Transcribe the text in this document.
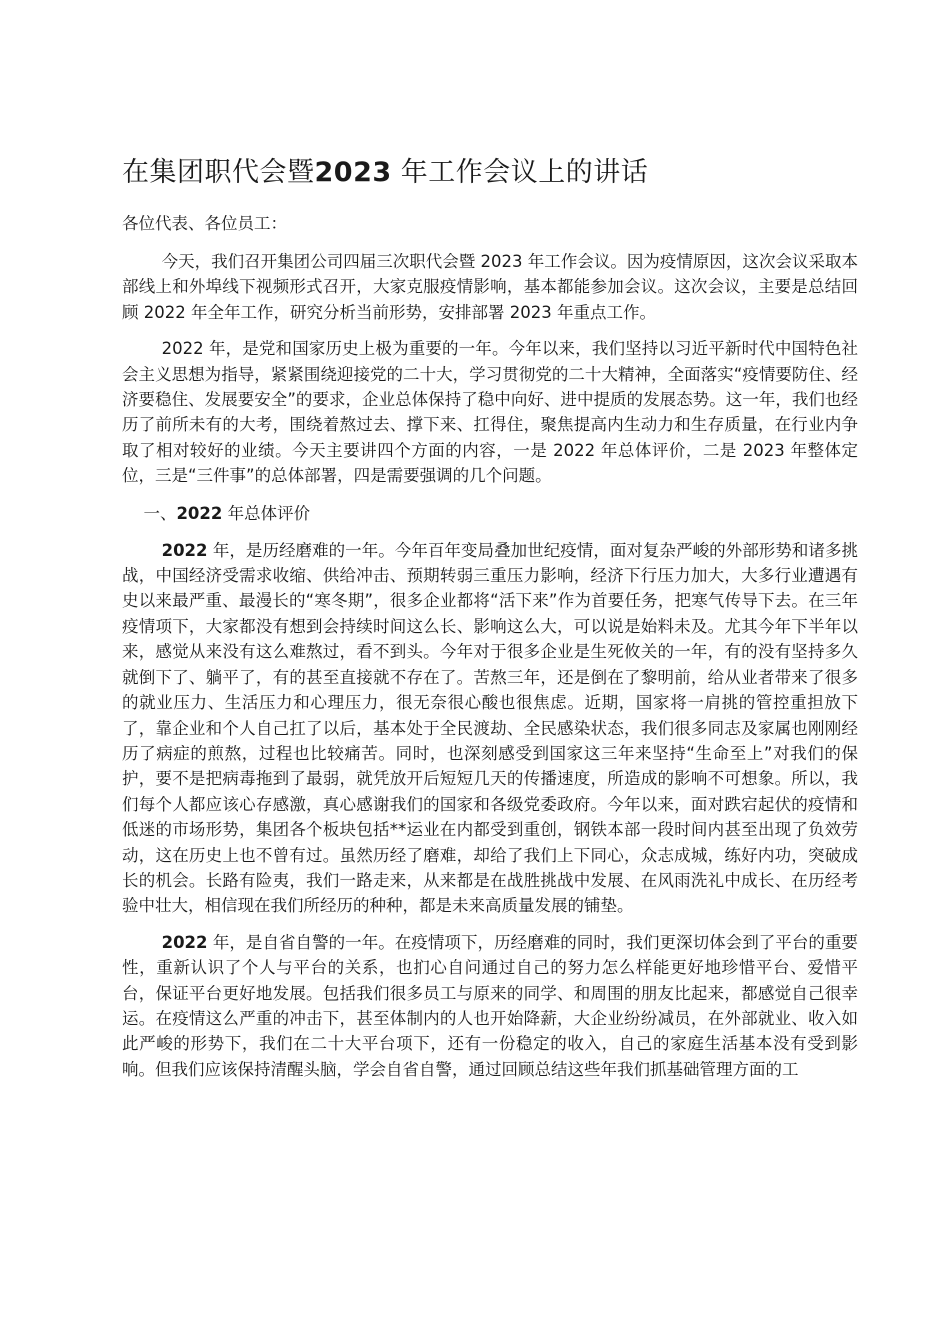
在集团职代会暨2023 年工作会议上的讲话

各位代表、各位员工：

今天，我们召开集团公司四届三次职代会暨 2023 年工作会议。因为疫情原因，这次会议采取本部线上和外埠线下视频形式召开，大家克服疫情影响，基本都能参加会议。这次会议，主要是总结回顾 2022 年全年工作，研究分析当前形势，安排部署 2023 年重点工作。

2022 年，是党和国家历史上极为重要的一年。今年以来，我们坚持以习近平新时代中国特色社会主义思想为指导，紧紧围绕迎接党的二十大，学习贯彻党的二十大精神，全面落实“疫情要防住、经济要稳住、发展要安全”的要求，企业总体保持了稳中向好、进中提质的发展态势。这一年，我们也经历了前所未有的大考，围绕着熬过去、撑下来、扛得住，聚焦提高内生动力和生存质量，在行业内争取了相对较好的业绩。今天主要讲四个方面的内容，一是 2022 年总体评价，二是 2023 年整体定位，三是“三件事”的总体部署，四是需要强调的几个问题。

一、2022 年总体评价

2022 年，是历经磨难的一年。今年百年变局叠加世纪疫情，面对复杂严峻的外部形势和诸多挑战，中国经济受需求收缩、供给冲击、预期转弱三重压力影响，经济下行压力加大，大多行业遭遇有史以来最严重、最漫长的“寒冬期”，很多企业都将“活下来”作为首要任务，把寒气传导下去。在三年疫情项下，大家都没有想到会持续时间这么长、影响这么大，可以说是始料未及。尤其今年下半年以来，感觉从来没有这么难熬过，看不到头。今年对于很多企业是生死攸关的一年，有的没有坚持多久就倒下了、躺平了，有的甚至直接就不存在了。苦熬三年，还是倒在了黎明前，给从业者带来了很多的就业压力、生活压力和心理压力，很无奈很心酸也很焦虑。近期，国家将一肩挑的管控重担放下了，靠企业和个人自己扛了以后，基本处于全民渡劫、全民感染状态，我们很多同志及家属也刚刚经历了病症的煎熬，过程也比较痛苦。同时，也深刻感受到国家这三年来坚持“生命至上”对我们的保护，要不是把病毒拖到了最弱，就凭放开后短短几天的传播速度，所造成的影响不可想象。所以，我们每个人都应该心存感激，真心感谢我们的国家和各级党委政府。今年以来，面对跌宕起伏的疫情和低迷的市场形势，集团各个板块包括**运业在内都受到重创，钢铁本部一段时间内甚至出现了负效劳动，这在历史上也不曾有过。虽然历经了磨难，却给了我们上下同心，众志成城，练好内功，突破成长的机会。长路有险夷，我们一路走来，从来都是在战胜挑战中发展、在风雨洗礼中成长、在历经考验中壮大，相信现在我们所经历的种种，都是未来高质量发展的铺垫。

2022 年，是自省自警的一年。在疫情项下，历经磨难的同时，我们更深切体会到了平台的重要性，重新认识了个人与平台的关系，也扪心自问通过自己的努力怎么样能更好地珍惜平台、爱惜平台，保证平台更好地发展。包括我们很多员工与原来的同学、和周围的朋友比起来，都感觉自己很幸运。在疫情这么严重的冲击下，甚至体制内的人也开始降薪，大企业纷纷减员，在外部就业、收入如此严峻的形势下，我们在二十大平台项下，还有一份稳定的收入，自己的家庭生活基本没有受到影响。但我们应该保持清醒头脑，学会自省自警，通过回顾总结这些年我们抓基础管理方面的工
